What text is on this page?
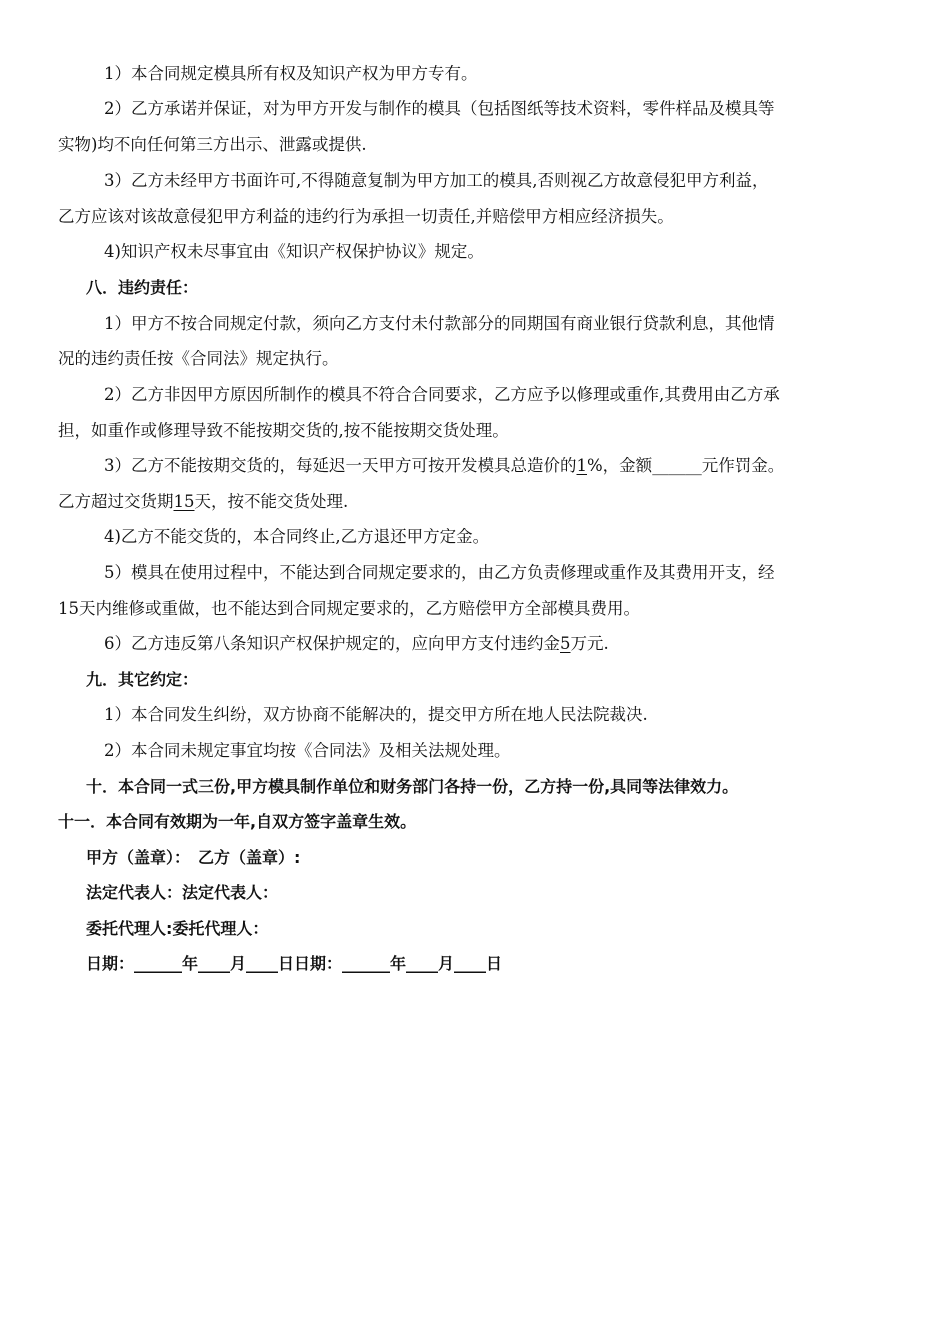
1）本合同规定模具所有权及知识产权为甲方专有。
2）乙方承诺并保证，对为甲方开发与制作的模具（包括图纸等技术资料，零件样品及模具等
实物)均不向任何第三方出示、泄露或提供.
3）乙方未经甲方书面许可,不得随意复制为甲方加工的模具,否则视乙方故意侵犯甲方利益，
乙方应该对该故意侵犯甲方利益的违约行为承担一切责任,并赔偿甲方相应经济损失。
4)知识产权未尽事宜由《知识产权保护协议》规定。
八．违约责任：
1）甲方不按合同规定付款，须向乙方支付未付款部分的同期国有商业银行贷款利息，其他情
况的违约责任按《合同法》规定执行。
2）乙方非因甲方原因所制作的模具不符合合同要求，乙方应予以修理或重作,其费用由乙方承
担，如重作或修理导致不能按期交货的,按不能按期交货处理。
3）乙方不能按期交货的，每延迟一天甲方可按开发模具总造价的1%，金额______元作罚金。
乙方超过交货期15天，按不能交货处理.
4)乙方不能交货的，本合同终止,乙方退还甲方定金。
5）模具在使用过程中，不能达到合同规定要求的，由乙方负责修理或重作及其费用开支，经
15天内维修或重做，也不能达到合同规定要求的，乙方赔偿甲方全部模具费用。
6）乙方违反第八条知识产权保护规定的，应向甲方支付违约金5万元.
九．其它约定：
1）本合同发生纠纷，双方协商不能解决的，提交甲方所在地人民法院裁决.
2）本合同未规定事宜均按《合同法》及相关法规处理。
十．本合同一式三份,甲方模具制作单位和财务部门各持一份，乙方持一份,具同等法律效力。
十一．本合同有效期为一年,自双方签字盖章生效。
甲方（盖章）：　乙方（盖章）:
法定代表人：法定代表人：
委托代理人:委托代理人：
日期：______年____月____日日期：______年____月____日
